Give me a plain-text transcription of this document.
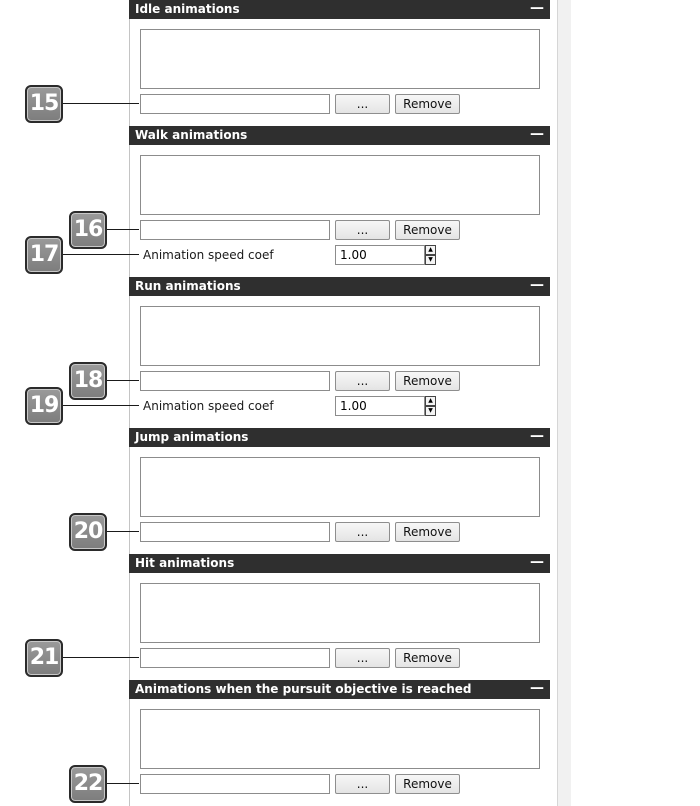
Idle animations	—
...	Remove
Walk animations	—
...	Remove
Animation speed coef
1.00	▲
▼
Run animations	—
...	Remove
Animation speed coef
1.00	▲
▼
Jump animations	—
...	Remove
Hit animations	—
...	Remove
Animations when the pursuit objective is reached	—
...	Remove
15
16
17
18
19
20
21
22
